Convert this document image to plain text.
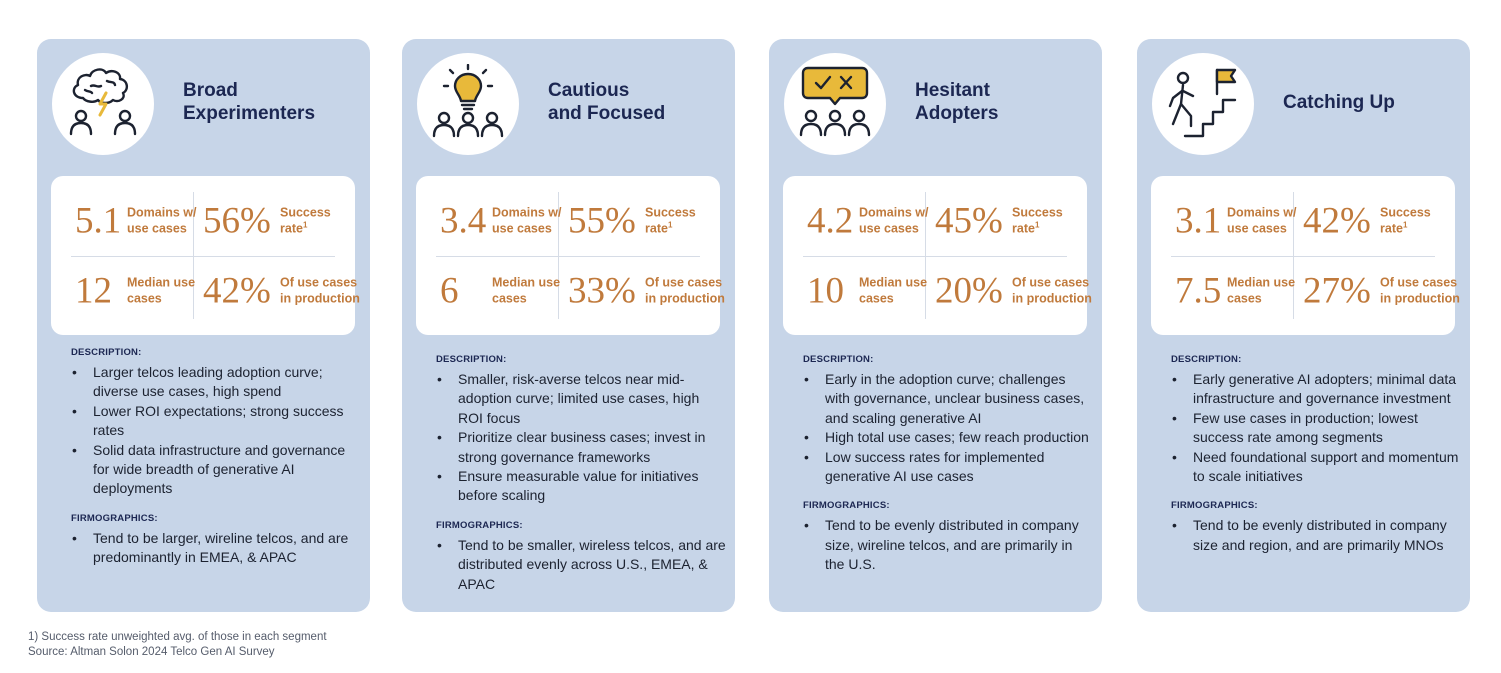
Broad
Experimenters
5.1 Domains w/ use cases 56% Success rate$^1$
12 Median use cases	42% Of use cases in production
DESCRIPTION:
• Larger telcos leading adoption curve; diverse use cases, high spend
• Lower ROI expectations; strong success rates
• Solid data infrastructure and governance for wide breadth of generative AI deployments
FIRMOGRAPHICS:
• Tend to be larger, wireline telcos, and are predominantly in EMEA, & APAC
Cautious
and Focused
3.4 Domains w/ use cases 55% Success rate$^1$
6	Median use cases	33% Of use cases in production
DESCRIPTION:
• Smaller, risk-averse telcos near mid-adoption curve; limited use cases, high ROI focus
• Prioritize clear business cases; invest in strong governance frameworks
• Ensure measurable value for initiatives before scaling
FIRMOGRAPHICS:
• Tend to be smaller, wireless telcos, and are distributed evenly across U.S., EMEA, & APAC
Hesitant
Adopters
4.2 Domains w/ use cases 45% Success rate$^1$
10 Median use cases	20% Of use cases in production
DESCRIPTION:
• Early in the adoption curve; challenges with governance, unclear business cases, and scaling generative AI
• High total use cases; few reach production
• Low success rates for implemented generative AI use cases
FIRMOGRAPHICS:
• Tend to be evenly distributed in company size, wireline telcos, and are primarily in the U.S.
Catching Up
3.1 Domains w/ use cases 42% Success rate$^1$
7.5 Median use cases	27% Of use cases in production
DESCRIPTION:
• Early generative AI adopters; minimal data infrastructure and governance investment
• Few use cases in production; lowest success rate among segments
• Need foundational support and momentum to scale initiatives
FIRMOGRAPHICS:
• Tend to be evenly distributed in company size and region, and are primarily MNOs
1) Success rate unweighted avg. of those in each segment
Source: Altman Solon 2024 Telco Gen AI Survey
